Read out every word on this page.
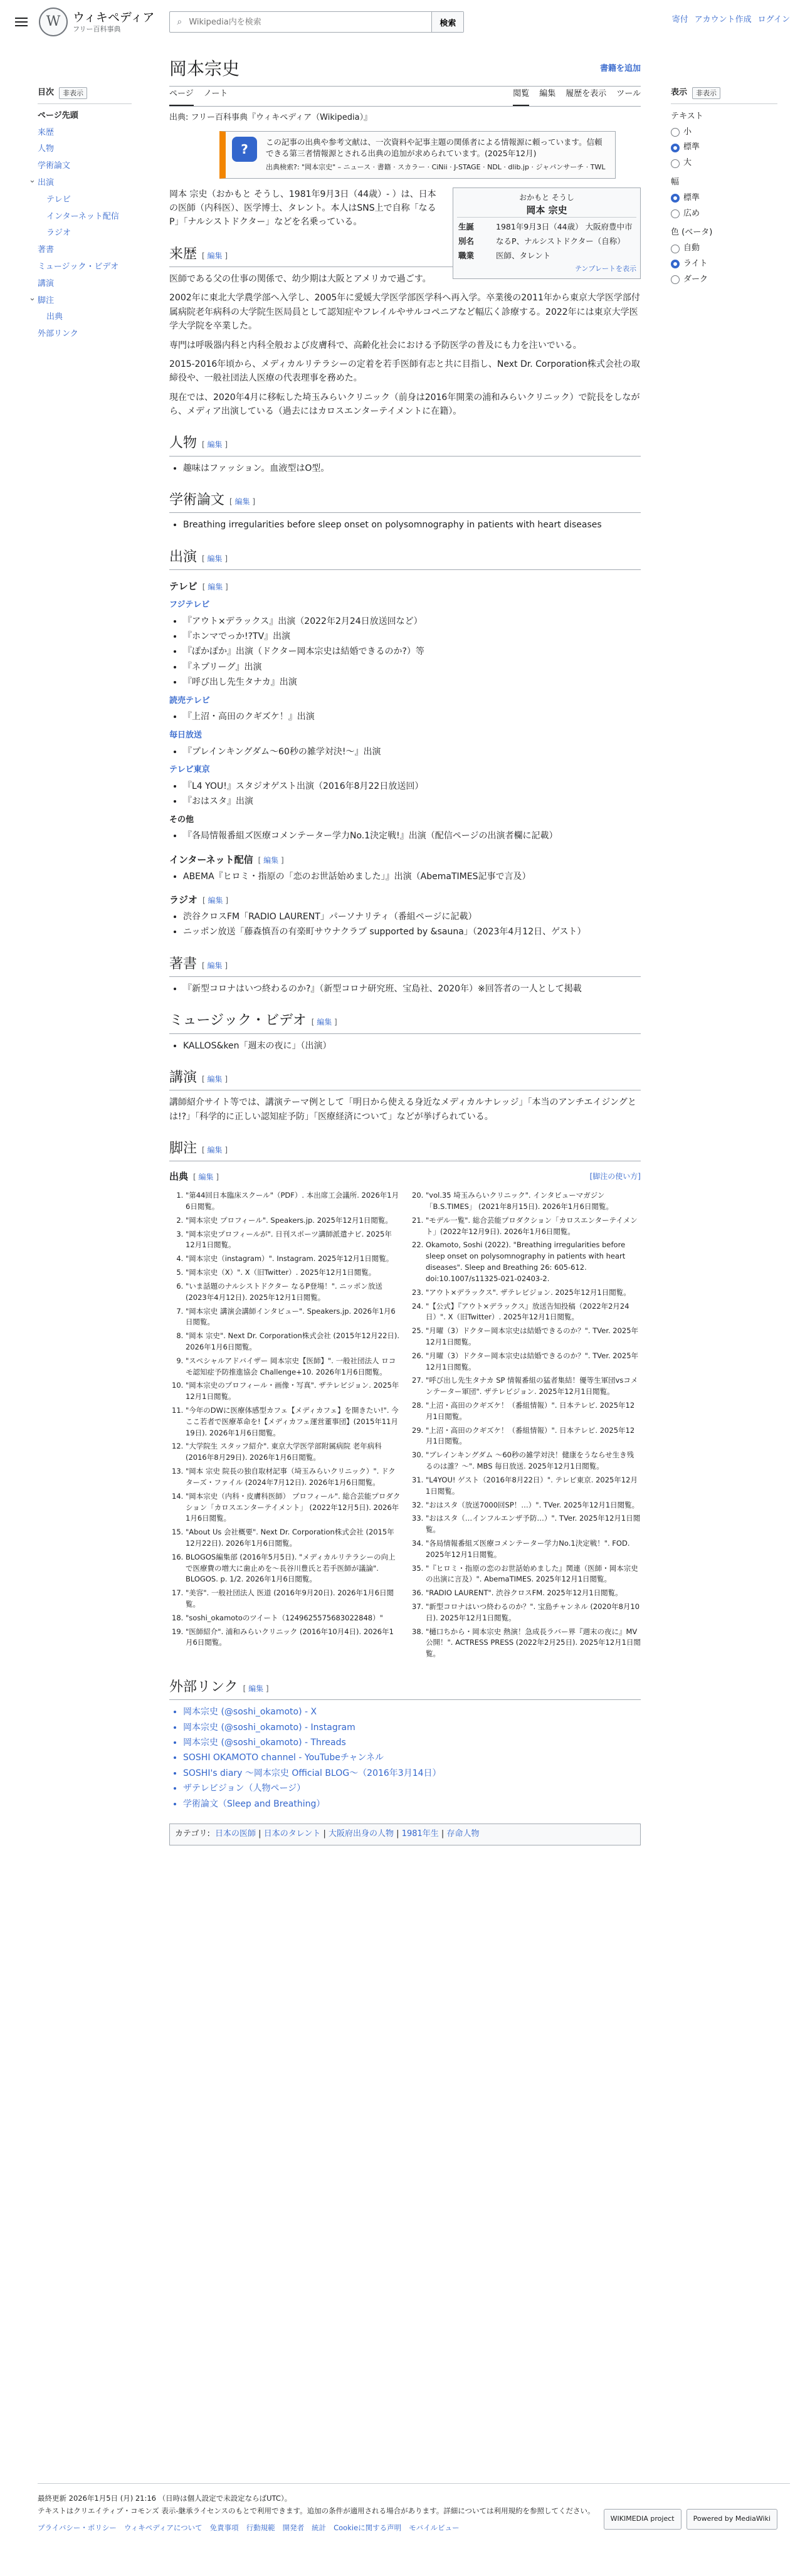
W	ウィキペディア
フリー百科事典
⌕
Wikipedia内を検索	検索	寄付 アカウント作成 ログイン
目次	非表示
ページ先頭
来歴
人物
学術論文
⌄ 出演
テレビ
インターネット配信
ラジオ
著書
ミュージック・ビデオ
講演
⌄ 脚注
出典
外部リンク
岡本宗史	書籍を追加
ページ ノート	閲覧 編集 履歴を表示 ツール
出典: フリー百科事典『ウィキペディア（Wikipedia）』
?	この記事の出典や参考文献は、一次資料や記事主題の関係者による情報源に頼っています。信頼できる第三者情報源とされる出典の追加が求められています。(2025年12月)
出典検索?: "岡本宗史" – ニュース · 書籍 · スカラー · CiNii · J-STAGE · NDL · dlib.jp · ジャパンサーチ · TWL
おかもと そうし
岡本 宗史
生誕	1981年9月3日（44歳） 大阪府豊中市
別名	なるP、ナルシストドクター（自称）
職業	医師、タレント
テンプレートを表示

岡本 宗史（おかもと そうし、1981年9月3日（44歳）- ）は、日本の医師（内科医）、医学博士、タレント。本人はSNS上で自称「なるP」「ナルシストドクター」などを名乗っている。

来歴 [ 編集 ]

医師である父の仕事の関係で、幼少期は大阪とアメリカで過ごす。

2002年に東北大学農学部へ入学し、2005年に愛媛大学医学部医学科へ再入学。卒業後の2011年から東京大学医学部付属病院老年病科の大学院生医局員として認知症やフレイルやサルコペニアなど幅広く診療する。2022年には東京大学医学大学院を卒業した。

専門は呼吸器内科と内科全般および皮膚科で、高齢化社会における予防医学の普及にも力を注いでいる。

2015-2016年頃から、メディカルリテラシーの定着を若手医師有志と共に目指し、Next Dr. Corporation株式会社の取締役や、一般社団法人医療の代表理事を務めた。

現在では、2020年4月に移転した埼玉みらいクリニック（前身は2016年開業の浦和みらいクリニック）で院長をしながら、メディア出演している（過去にはカロスエンターテイメントに在籍）。

人物 [ 編集 ]
• 趣味はファッション。血液型はO型。
学術論文 [ 編集 ]
• Breathing irregularities before sleep onset on polysomnography in patients with heart diseases
出演 [ 編集 ]
テレビ [ 編集 ]
フジテレビ
• 『アウト×デラックス』出演（2022年2月24日放送回など）
• 『ホンマでっか!?TV』出演
• 『ぽかぽか』出演（ドクター岡本宗史は結婚できるのか?）等
• 『ネプリーグ』出演
• 『呼び出し先生タナカ』出演
読売テレビ
• 『上沼・高田のクギズケ！』出演
毎日放送
• 『プレインキングダム〜60秒の雑学対決!〜』出演
テレビ東京
• 『L4 YOU!』スタジオゲスト出演（2016年8月22日放送回）
• 『おはスタ』出演
その他
• 『各局情報番組ズ医療コメンテーター学力No.1決定戦!』出演（配信ページの出演者欄に記載）
インターネット配信 [ 編集 ]
• ABEMA『ヒロミ・指原の「恋のお世話始めました」』出演（AbemaTIMES記事で言及）
ラジオ [ 編集 ]
• 渋谷クロスFM「RADIO LAURENT」パーソナリティ（番組ページに記載）
• ニッポン放送「藤森慎吾の有楽町サウナクラブ supported by &sauna」（2023年4月12日、ゲスト）
著書 [ 編集 ]
• 『新型コロナはいつ終わるのか?』（新型コロナ研究班、宝島社、2020年）※回答者の一人として掲載
ミュージック・ビデオ [ 編集 ]
• KALLOS&ken「週末の夜に」（出演）
講演 [ 編集 ]

講師紹介サイト等では、講演テーマ例として「明日から使える身近なメディカルナレッジ」「本当のアンチエイジングとは!?」「科学的に正しい認知症予防」「医療経済について」などが挙げられている。

脚注 [ 編集 ]
出典 [ 編集 ]	[脚注の使い方]
1. "第44回日本臨床スクール"（PDF）. 本出席工会議所. 2026年1月6日閲覧。
2. "岡本宗史 プロフィール". Speakers.jp. 2025年12月1日閲覧。
3. "岡本宗史プロフィールが". 日刊スポーツ講師派遣ナビ. 2025年12月1日閲覧。
4. "岡本宗史（instagram）". Instagram. 2025年12月1日閲覧。
5. "岡本宗史（X）". X（旧Twitter）. 2025年12月1日閲覧。
6. "いま話題のナルシストドクター なるP登場！". ニッポン放送 (2023年4月12日). 2025年12月1日閲覧。
7. "岡本宗史 講演会講師インタビュー". Speakers.jp. 2026年1月6日閲覧。
8. "岡本 宗史". Next Dr. Corporation株式会社 (2015年12月22日). 2026年1月6日閲覧。
9. "スペシャルアドバイザー 岡本宗史【医師】". 一般社団法人 ロコモ認知症予防推進協会 Challenge+10. 2026年1月6日閲覧。
10. "岡本宗史のプロフィール・画像・写真". ザテレビジョン. 2025年12月1日閲覧。
11. "今年のDWに医療体感型カフェ【メディカフェ】を開きたい!". 今ここ若者で医療革命を!【メディカフェ運営董事団】(2015年11月19日). 2026年1月6日閲覧。
12. "大学院生 スタッフ紹介". 東京大学医学部附属病院 老年病科 (2016年8月29日). 2026年1月6日閲覧。
13. "岡本 宗史 院長の独自取材記事（埼玉みらいクリニック）". ドクターズ・ファイル (2024年7月12日). 2026年1月6日閲覧。
14. "岡本宗史（内科・皮膚科医師） プロフィール". 総合芸能プロダクション「カロスエンターテイメント」 (2022年12月5日). 2026年1月6日閲覧。
15. "About Us 会社概要". Next Dr. Corporation株式会社 (2015年12月22日). 2026年1月6日閲覧。
16. BLOGOS編集部 (2016年5月5日). "メディカルリテラシーの向上で医療費の増大に歯止めを～長谷川豊氏と若手医師が議論". BLOGOS. p. 1/2. 2026年1月6日閲覧。
17. "美容". 一般社団法人 医道 (2016年9月20日). 2026年1月6日閲覧。
18. "soshi_okamotoのツイート（1249625575683022848）"
19. "医師紹介". 浦和みらいクリニック (2016年10月4日). 2026年1月6日閲覧。
20. "vol.35 埼玉みらいクリニック". インタビューマガジン「B.S.TIMES」 (2021年8月15日). 2026年1月6日閲覧。
21. "モデル一覧". 総合芸能プロダクション「カロスエンターテイメント」(2022年12月9日). 2026年1月6日閲覧。
22. Okamoto, Soshi (2022). "Breathing irregularities before sleep onset on polysomnography in patients with heart diseases". Sleep and Breathing 26: 605-612. doi:10.1007/s11325-021-02403-2.
23. "アウト×デラックス". ザテレビジョン. 2025年12月1日閲覧。
24. "【公式】『アウト×デラックス』放送告知投稿（2022年2月24日）". X（旧Twitter）. 2025年12月1日閲覧。
25. "月曜（3）ドクター岡本宗史は結婚できるのか？". TVer. 2025年12月1日閲覧。
26. "月曜（3）ドクター岡本宗史は結婚できるのか？". TVer. 2025年12月1日閲覧。
27. "呼び出し先生タナカ SP 情報番組の猛者集結！優等生軍団vsコメンテーター軍団". ザテレビジョン. 2025年12月1日閲覧。
28. "上沼・高田のクギズケ！（番組情報）". 日本テレビ. 2025年12月1日閲覧。
29. "上沼・高田のクギズケ！（番組情報）". 日本テレビ. 2025年12月1日閲覧。
30. "ブレインキングダム 〜60秒の雑学対決！健康をうならせ生き残るのは誰？〜". MBS 毎日放送. 2025年12月1日閲覧。
31. "L4YOU! ゲスト（2016年8月22日）". テレビ東京. 2025年12月1日閲覧。
32. "おはスタ（放送7000回SP！…）". TVer. 2025年12月1日閲覧。
33. "おはスタ（…インフルエンザ予防…）". TVer. 2025年12月1日閲覧。
34. "各局情報番組ズ医療コメンテーター学力No.1決定戦！". FOD. 2025年12月1日閲覧。
35. "『ヒロミ・指原の恋のお世話始めました』関連（医師・岡本宗史の出演に言及）". AbemaTIMES. 2025年12月1日閲覧。
36. "RADIO LAURENT". 渋谷クロスFM. 2025年12月1日閲覧。
37. "新型コロナはいつ終わるのか？". 宝島チャンネル (2020年8月10日). 2025年12月1日閲覧。
38. "樋口ちから・岡本宗史 熱演！急成長ラバー界『週末の夜に』MV公開！". ACTRESS PRESS (2022年2月25日). 2025年12月1日閲覧。
外部リンク [ 編集 ]
• 岡本宗史 (@soshi_okamoto) - X
• 岡本宗史 (@soshi_okamoto) - Instagram
• 岡本宗史 (@soshi_okamoto) - Threads
• SOSHI OKAMOTO channel - YouTubeチャンネル
• SOSHI's diary 〜岡本宗史 Official BLOG〜（2016年3月14日）
• ザテレビジョン（人物ページ）
• 学術論文（Sleep and Breathing）
カテゴリ: 日本の医師 | 日本のタレント | 大阪府出身の人物 | 1981年生 | 存命人物
表示	非表示
テキスト
小
標準
大
幅
標準
広め
色 (ベータ)
自動
ライト
ダーク
最終更新 2026年1月5日 (月) 21:16 （日時は個人設定で未設定ならばUTC）。
テキストはクリエイティブ・コモンズ 表示-継承ライセンスのもとで利用できます。追加の条件が適用される場合があります。詳細については利用規約を参照してください。
プライバシー・ポリシー ウィキペディアについて 免責事項 行動規範 開発者 統計 Cookieに関する声明 モバイルビュー
WIKIMEDIA project	Powered by MediaWiki
